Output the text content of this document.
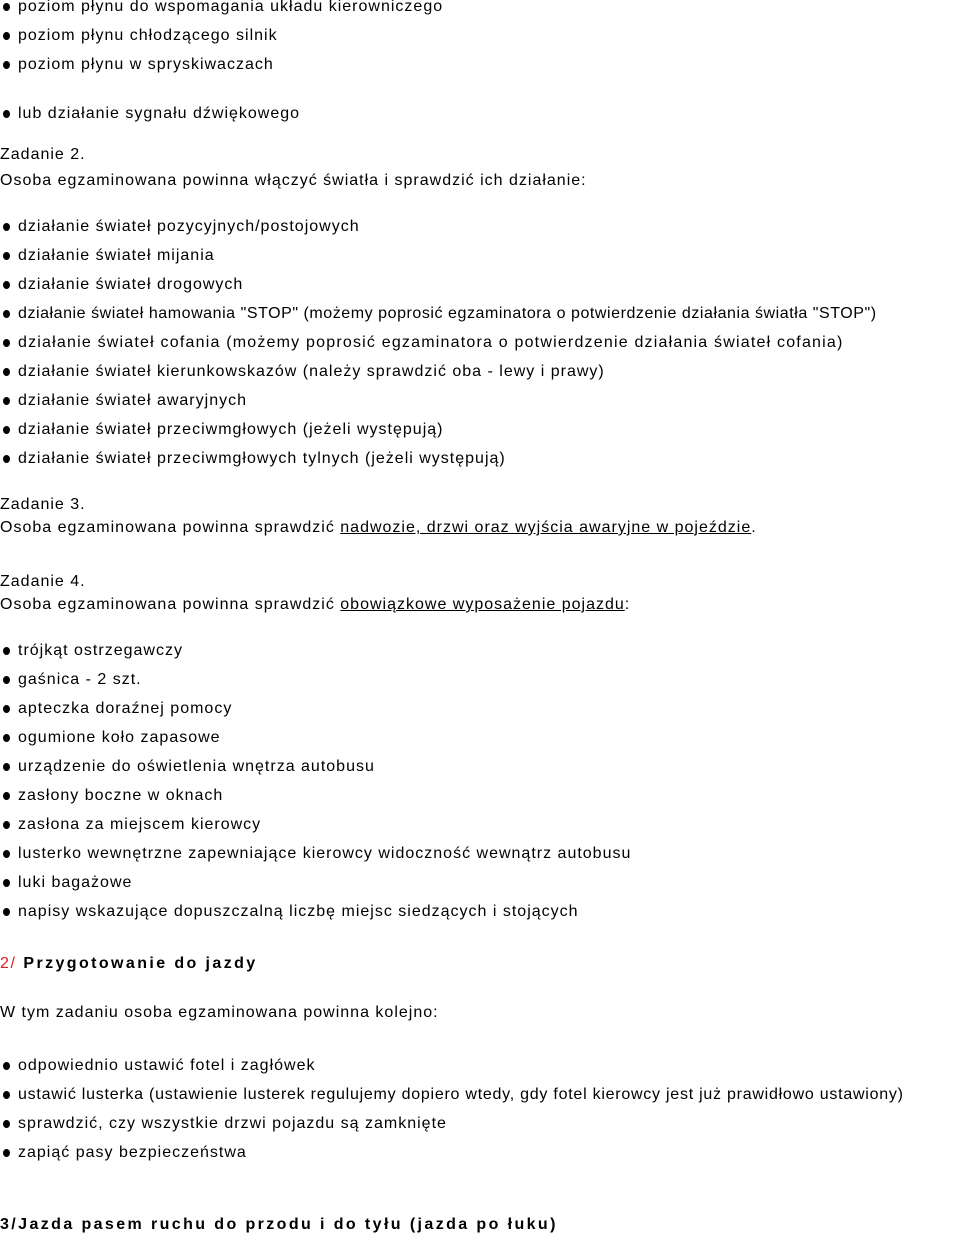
poziom płynu do wspomagania układu kierowniczego
poziom płynu chłodzącego silnik
poziom płynu w spryskiwaczach
lub działanie sygnału dźwiękowego
Zadanie 2.
Osoba egzaminowana powinna włączyć światła i sprawdzić ich działanie:
działanie świateł pozycyjnych/postojowych
działanie świateł mijania
działanie świateł drogowych
działanie świateł hamowania "STOP" (możemy poprosić egzaminatora o potwierdzenie działania światła "STOP")
działanie świateł cofania (możemy poprosić egzaminatora o potwierdzenie działania świateł cofania)
działanie świateł kierunkowskazów (należy sprawdzić oba - lewy i prawy)
działanie świateł awaryjnych
działanie świateł przeciwmgłowych (jeżeli występują)
działanie świateł przeciwmgłowych tylnych (jeżeli występują)
Zadanie 3.
Osoba egzaminowana powinna sprawdzić nadwozie, drzwi oraz wyjścia awaryjne w pojeździe.
Zadanie 4.
Osoba egzaminowana powinna sprawdzić obowiązkowe wyposażenie pojazdu:
trójkąt ostrzegawczy
gaśnica - 2 szt.
apteczka doraźnej pomocy
ogumione koło zapasowe
urządzenie do oświetlenia wnętrza autobusu
zasłony boczne w oknach
zasłona za miejscem kierowcy
lusterko wewnętrzne zapewniające kierowcy widoczność wewnątrz autobusu
luki bagażowe
napisy wskazujące dopuszczalną liczbę miejsc siedzących i stojących
2/ Przygotowanie do jazdy
W tym zadaniu osoba egzaminowana powinna kolejno:
odpowiednio ustawić fotel i zagłówek
ustawić lusterka (ustawienie lusterek regulujemy dopiero wtedy, gdy fotel kierowcy jest już prawidłowo ustawiony)
sprawdzić, czy wszystkie drzwi pojazdu są zamknięte
zapiąć pasy bezpieczeństwa
3/Jazda pasem ruchu do przodu i do tyłu (jazda po łuku)
